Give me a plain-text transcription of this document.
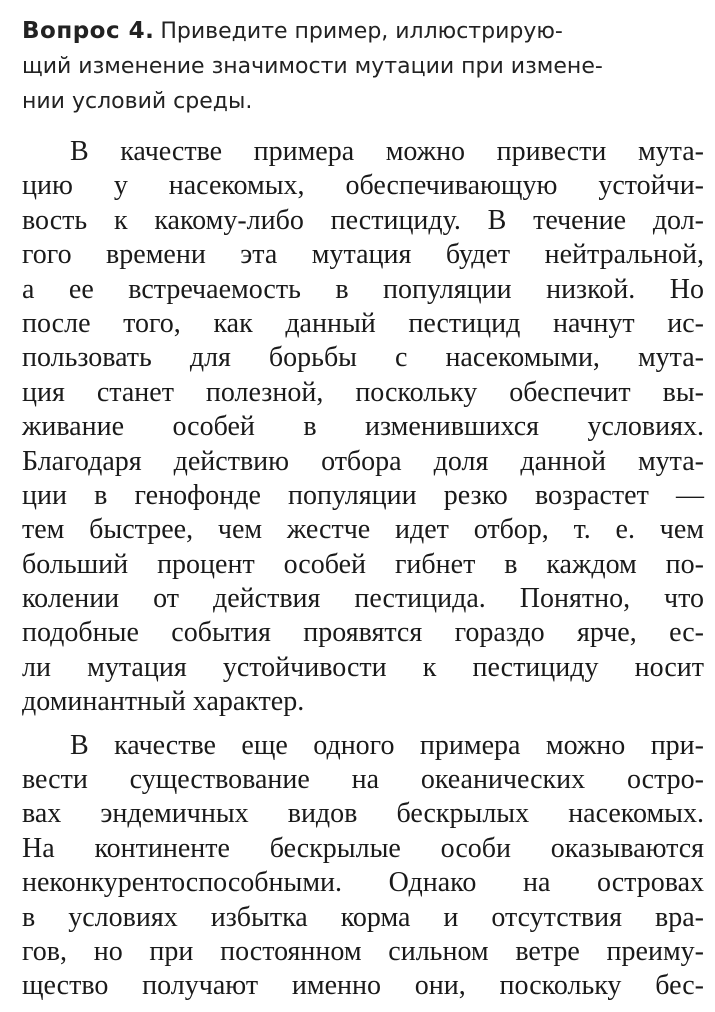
Вопрос 4. Приведите пример, иллюстрирую-
щий изменение значимости мутации при измене-
нии условий среды.
В качестве примера можно привести мута-
цию у насекомых, обеспечивающую устойчи-
вость к какому-либо пестициду. В течение дол-
гого времени эта мутация будет нейтральной,
а ее встречаемость в популяции низкой. Но
после того, как данный пестицид начнут ис-
пользовать для борьбы с насекомыми, мута-
ция станет полезной, поскольку обеспечит вы-
живание особей в изменившихся условиях.
Благодаря действию отбора доля данной мута-
ции в генофонде популяции резко возрастет —
тем быстрее, чем жестче идет отбор, т. е. чем
больший процент особей гибнет в каждом по-
колении от действия пестицида. Понятно, что
подобные события проявятся гораздо ярче, ес-
ли мутация устойчивости к пестициду носит
доминантный характер.
В качестве еще одного примера можно при-
вести существование на океанических остро-
вах эндемичных видов бескрылых насекомых.
На континенте бескрылые особи оказываются
неконкурентоспособными. Однако на островах
в условиях избытка корма и отсутствия вра-
гов, но при постоянном сильном ветре преиму-
щество получают именно они, поскольку бес-
